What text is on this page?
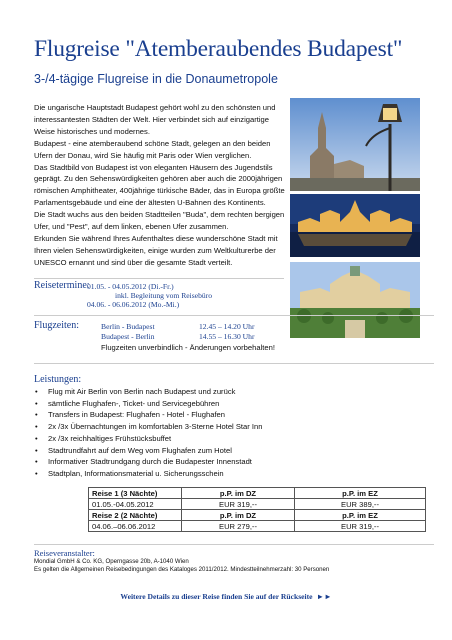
Flugreise "Atemberaubendes Budapest"
3-/4-tägige Flugreise in die Donaumetropole
Die ungarische Hauptstadt Budapest gehört wohl zu den schönsten und
interessantesten Städten der Welt. Hier verbindet sich auf einzigartige
Weise historisches und modernes.
Budapest - eine atemberaubend schöne Stadt, gelegen an den beiden
Ufern der Donau, wird Sie häufig mit Paris oder Wien verglichen.
Das Stadtbild von Budapest ist von eleganten Häusern des Jugendstils
geprägt. Zu den Sehenswürdigkeiten gehören aber auch die 2000jährigen
römischen Amphitheater, 400jährige türkische Bäder, das in Europa größte
Parlamentsgebäude und eine der ältesten U-Bahnen des Kontinents.
Die Stadt wuchs aus den beiden Stadtteilen "Buda", dem rechten bergigen
Ufer, und "Pest", auf dem linken, ebenen Ufer zusammen.
Erkunden Sie während Ihres Aufenthaltes diese wunderschöne Stadt mit
Ihren vielen Sehenswürdigkeiten, einige wurden zum Weltkulturerbe der
UNESCO ernannt und sind über die gesamte Stadt verteilt.
Reisetermine:
01.05. - 04.05.2012 (Di.-Fr.)
inkl. Begleitung vom Reisebüro
04.06. - 06.06.2012 (Mo.-Mi.)
Flugzeiten:	Berlin - Budapest	12.45 – 14.20 Uhr
Budapest - Berlin	14.55 – 16.30 Uhr
Flugzeiten unverbindlich - Änderungen vorbehalten!
Leistungen:
• Flug mit Air Berlin von Berlin nach Budapest und zurück
• sämtliche Flughafen-, Ticket- und Servicegebühren
• Transfers in Budapest: Flughafen - Hotel - Flughafen
• 2x /3x Übernachtungen im komfortablen 3-Sterne Hotel Star Inn
• 2x /3x reichhaltiges Frühstücksbuffet
• Stadtrundfahrt auf dem Weg vom Flughafen zum Hotel
• Informativer Stadtrundgang durch die Budapester Innenstadt
• Stadtplan, Informationsmaterial u. Sicherungsschein
Reise 1 (3 Nächte)	p.P. im DZ	p.P. im EZ
01.05.-04.05.2012	EUR 319,--	EUR 389,--
Reise 2 (2 Nächte)	p.P. im DZ	p.P. im EZ
04.06.–06.06.2012	EUR 279,--	EUR 319,--
Reiseveranstalter:
Mondial GmbH & Co. KG, Operngasse 20b, A-1040 Wien
Es gelten die Allgemeinen Reisebedingungen des Kataloges 2011/2012. Mindestteilnehmerzahl: 30 Personen
Weitere Details zu dieser Reise finden Sie auf der Rückseite ►►
